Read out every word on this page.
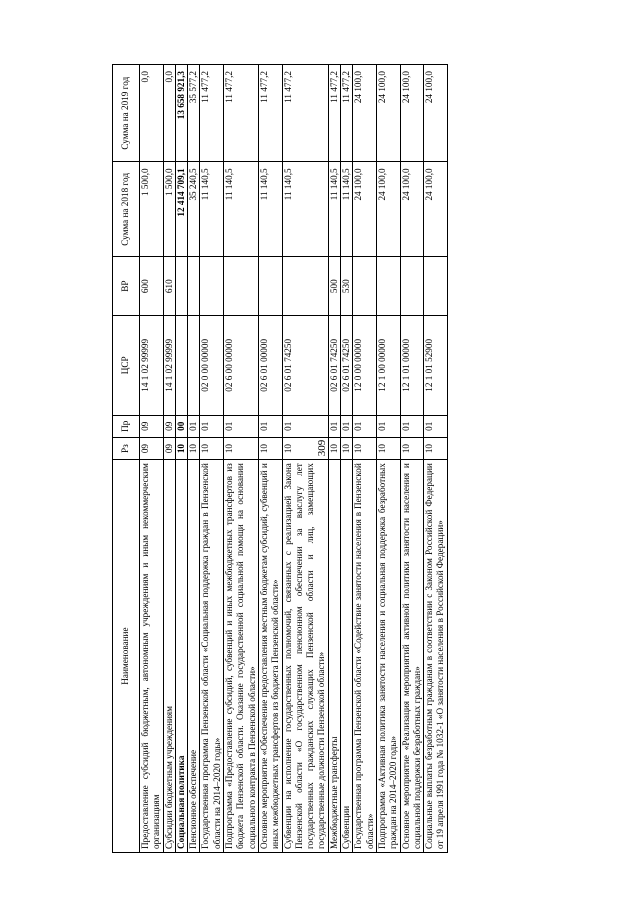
309
Наименование	Рз	Пр	ЦСР	ВР	Сумма на 2018 год	Сумма на 2019 год
Предоставление субсидий бюджетным, автономным учреждениям и иным некоммерческим организациям	09	09	14 1 02 99999	600	1 500,0	0,0
Субсидии бюджетным учреждениям	09	09	14 1 02 99999	610	1 500,0	0,0
Социальная политика	10	00			12 414 709,1	13 658 921,3
Пенсионное обеспечение	10	01			35 240,5	35 577,2
Государственная программа Пензенской области «Социальная поддержка граждан в Пензенской области на 2014–2020 годы»	10	01	02 0 00 00000		11 140,5	11 477,2
Подпрограмма «Предоставление субсидий, субвенций и иных межбюджетных трансфертов из бюджета Пензенской области. Оказание государственной социальной помощи на основании социального контракта в Пензенской области»	10	01	02 6 00 00000		11 140,5	11 477,2
Основное мероприятие «Обеспечение предоставления местным бюджетам субсидий, субвенций и иных межбюджетных трансфертов из бюджета Пензенской области»	10	01	02 6 01 00000		11 140,5	11 477,2
Субвенции на исполнение государственных полномочий, связанных с реализацией Закона Пензенской области «О государственном пенсионном обеспечении за выслугу лет государственных гражданских служащих Пензенской области и лиц, замещающих государственные должности Пензенской области»	10	01	02 6 01 74250		11 140,5	11 477,2
Межбюджетные трансферты	10	01	02 6 01 74250	500	11 140,5	11 477,2
Субвенции	10	01	02 6 01 74250	530	11 140,5	11 477,2
Государственная программа Пензенской области «Содействие занятости населения в Пензенской области»	10	01	12 0 00 00000		24 100,0	24 100,0
Подпрограмма «Активная политика занятости населения и социальная поддержка безработных граждан на 2014–2020 годы»	10	01	12 1 00 00000		24 100,0	24 100,0
Основное мероприятие «Реализация мероприятий активной политики занятости населения и социальной поддержки безработных граждан»	10	01	12 1 01 00000		24 100,0	24 100,0
Социальные выплаты безработным гражданам в соответствии с Законом Российской Федерации от 19 апреля 1991 года № 1032-1 «О занятости населения в Российской Федерации»	10	01	12 1 01 52900		24 100,0	24 100,0
